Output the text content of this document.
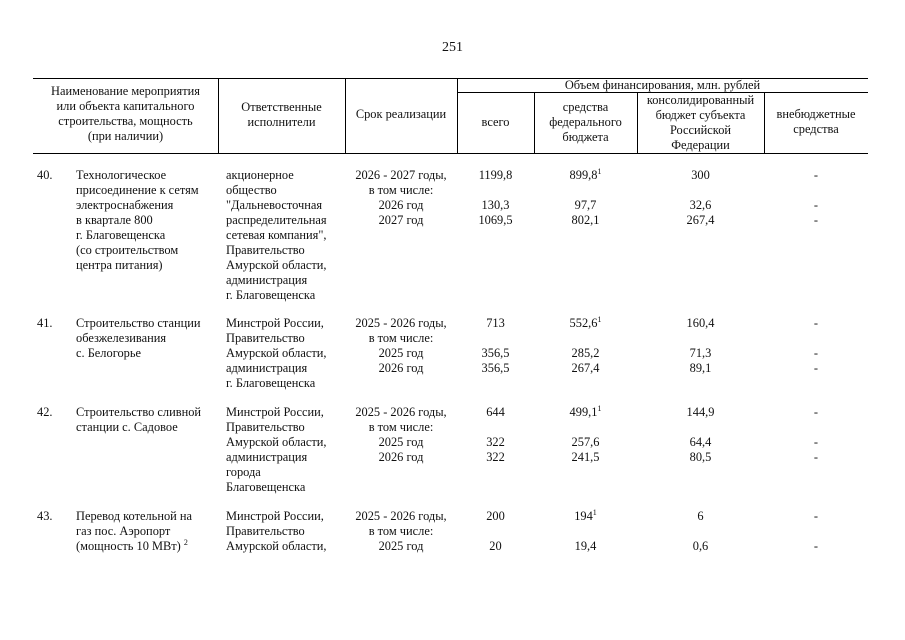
251
Наименование мероприятия
или объекта капитального
строительства, мощность
(при наличии)
Ответственные
исполнители
Срок реализации
Объем финансирования, млн. рублей
всего
средства
федерального
бюджета
консолидированный
бюджет субъекта
Российской
Федерации
внебюджетные
средства
40. Технологическое
присоединение к сетям
электроснабжения
в квартале 800
г. Благовещенска
(со строительством
центра питания)
акционерное
общество
"Дальневосточная
распределительная
сетевая компания",
Правительство
Амурской области,
администрация
г. Благовещенска
2026 - 2027 годы,
в том числе:
2026 год
2027 год
1199,8
130,3
1069,5
899,8$^1$
97,7
802,1
300
32,6
267,4
-
-
-
41. Строительство станции
обезжелезивания
с. Белогорье
Минстрой России,
Правительство
Амурской области,
администрация
г. Благовещенска
2025 - 2026 годы,
в том числе:
2025 год
2026 год
713
356,5
356,5
552,6$^1$
285,2
267,4
160,4
71,3
89,1
-
-
-
42. Строительство сливной
станции с. Садовое
Минстрой России,
Правительство
Амурской области,
администрация
города
Благовещенска
2025 - 2026 годы,
в том числе:
2025 год
2026 год
644
322
322
499,1$^1$
257,6
241,5
144,9
64,4
80,5
-
-
-
43. Перевод котельной на
газ пос. Аэропорт
(мощность 10 МВт) $^2$
Минстрой России,
Правительство
Амурской области,
2025 - 2026 годы,
в том числе:
2025 год
200
20
$194^1$
19,4
6
0,6
-
-
